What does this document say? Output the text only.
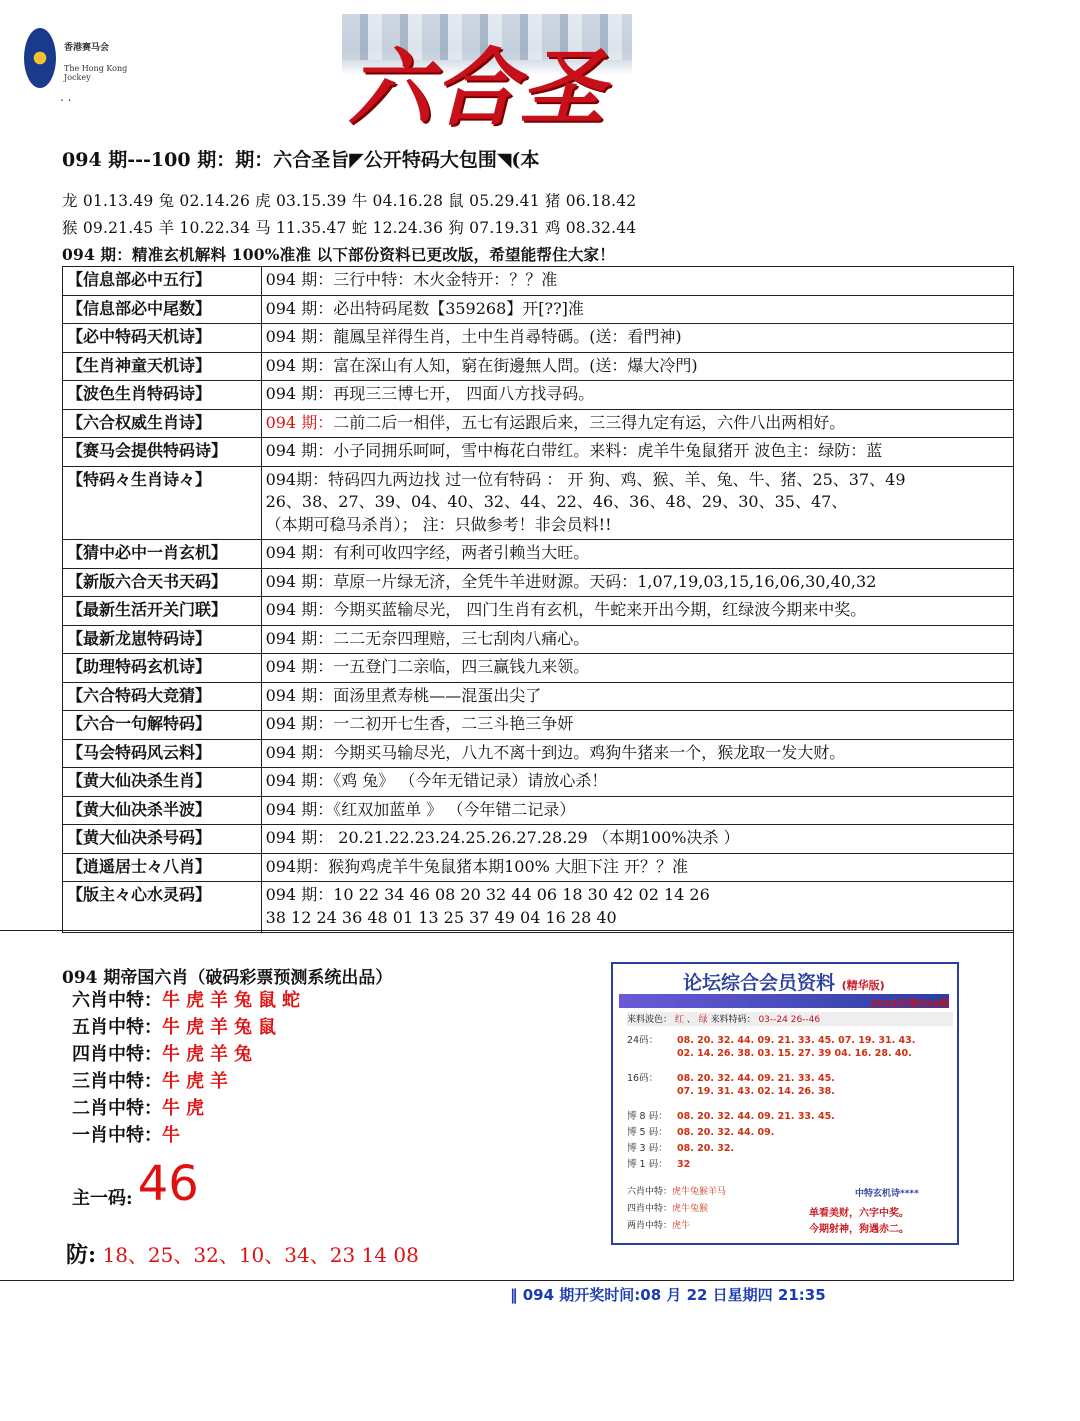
香港赛马会
The Hong Kong Jockey
. .	六合圣
094 期---100 期：期：六合圣旨◤公开特码大包围◥(本
龙 01.13.49 兔 02.14.26 虎 03.15.39 牛 04.16.28 鼠 05.29.41 猪 06.18.42
猴 09.21.45 羊 10.22.34 马 11.35.47 蛇 12.24.36 狗 07.19.31 鸡 08.32.44
094 期：精准玄机解料 100%准准 以下部份资料已更改版，希望能帮住大家！
【信息部必中五行】	094 期：三行中特：木火金特开：？？准

【信息部必中尾数】	094 期：必出特码尾数【359268】开[??]准

【必中特码天机诗】	094 期：龍鳳呈祥得生肖，土中生肖尋特碼。(送：看門神)

【生肖神童天机诗】	094 期：富在深山有人知，窮在街邊無人問。(送：爆大冷門)

【波色生肖特码诗】	094 期：再现三三博七开， 四面八方找寻码。

【六合权威生肖诗】	094 期：二前二后一相伴，五七有运跟后来，三三得九定有运，六件八出两相好。

【赛马会提供特码诗】	094 期：小子同拥乐呵呵，雪中梅花白带红。来料：虎羊牛兔鼠猪开 波色主：绿防：蓝

【特码々生肖诗々】	094期：特码四九两边找 过一位有特码 ： 开 狗、鸡、猴、羊、兔、牛、猪、25、37、49
26、38、27、39、04、40、32、44、22、46、36、48、29、30、35、47、
（本期可稳马杀肖）； 注：只做参考！非会员料!!

【猜中必中一肖玄机】	094 期：有利可收四字经，两者引赖当大旺。

【新版六合天书天码】	094 期：草原一片绿无济，全凭牛羊进财源。天码：1,07,19,03,15,16,06,30,40,32

【最新生活开关门联】	094 期：今期买蓝输尽光， 四门生肖有玄机，牛蛇来开出今期，红绿波今期来中奖。

【最新龙崽特码诗】	094 期：二二无奈四理赔，三七刮肉八痛心。

【助理特码玄机诗】	094 期：一五登门二亲临，四三赢钱九来领。

【六合特码大竞猜】	094 期：面汤里煮寿桃——混蛋出尖了

【六合一句解特码】	094 期：一二初开七生香，二三斗艳三争妍

【马会特码风云料】	094 期：今期买马输尽光，八九不离十到边。鸡狗牛猪来一个，猴龙取一发大财。

【黄大仙决杀生肖】	094 期：《鸡 兔》 （今年无错记录）请放心杀！

【黄大仙决杀半波】	094 期：《红双加蓝单 》 （今年错二记录）

【黄大仙决杀号码】	094 期： 20.21.22.23.24.25.26.27.28.29 （本期100%决杀 ）

【逍遥居士々八肖】	094期：猴狗鸡虎羊牛兔鼠猪本期100% 大胆下注 开？？准

【版主々心水灵码】	094 期：10 22 34 46 08 20 32 44 06 18 30 42 02 14 26
38 12 24 36 48 01 13 25 37 49 04 16 28 40
094 期帝国六肖（破码彩票预测系统出品）
六肖中特：牛虎羊兔鼠蛇
五肖中特：牛虎羊兔鼠
四肖中特：牛虎羊兔
三肖中特：牛虎羊
二肖中特：牛虎
一肖中特：牛
主一码: 46
防: 18、25、32、10、34、23 14 08
论坛综合会员资料 (精华版)
2024年第094期
来料波色： 红 、 绿 来料特码： 03--24 26--46
24码： 08. 20. 32. 44. 09. 21. 33. 45. 07. 19. 31. 43.
02. 14. 26. 38. 03. 15. 27. 39 04. 16. 28. 40.
16码： 08. 20. 32. 44. 09. 21. 33. 45.
07. 19. 31. 43. 02. 14. 26. 38.
博 8 码： 08. 20. 32. 44. 09. 21. 33. 45.
博 5 码： 08. 20. 32. 44. 09.
博 3 码： 08. 20. 32.
博 1 码： 32
六肖中特：虎牛兔猴羊马
四肖中特：虎牛兔猴
两肖中特：虎牛
中特玄机诗****
单看美财，六字中奖。
今期射神，狗遇赤二。
‖ 094 期开奖时间:08 月 22 日星期四 21:35
